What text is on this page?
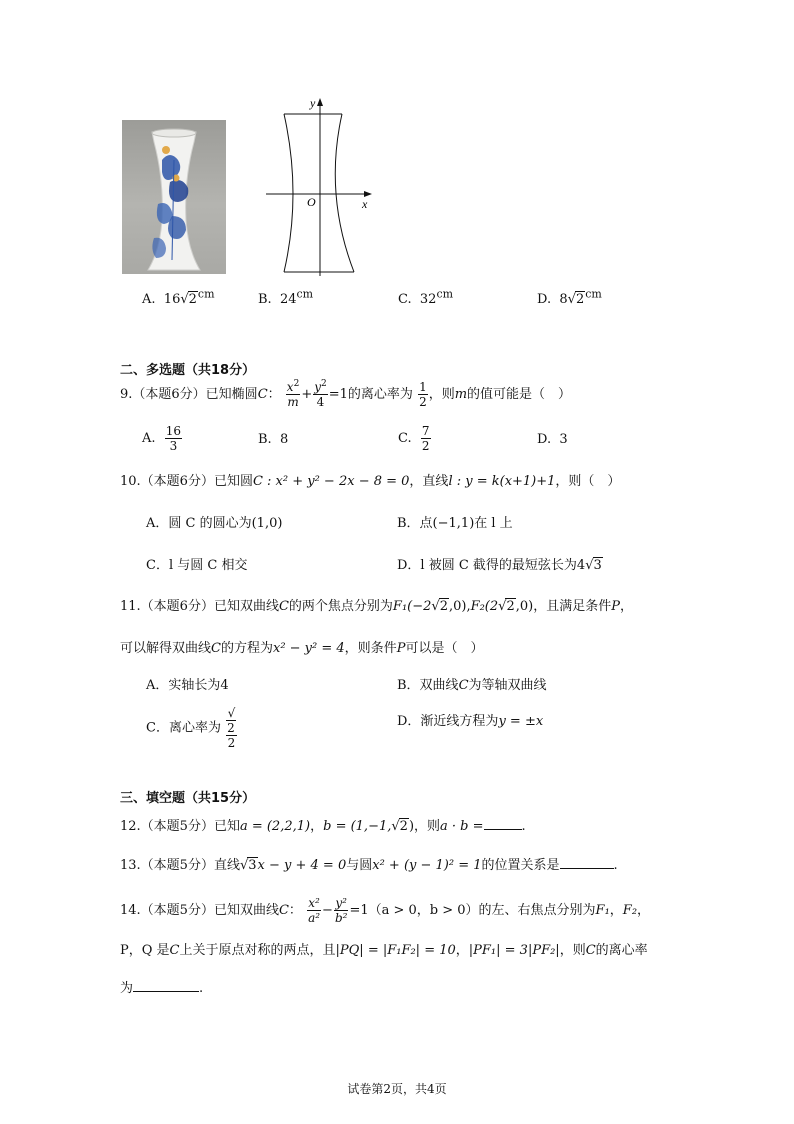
O
y
x
A. $16√2^{cm}$	B. $24^{cm}$	C. $32^{cm}$	D. $8√2^{cm}$
二、多选题（共18分）
9.（本题6分）已知椭圆C： $\frac{x^2}{m} + \frac{y^2}{4} =1$的离心率为 $\frac{1}{2}$ ，则m的值可能是（　）
A. $\frac{16}{3}$	B. 8	C. $\frac{7}{2}$	D. 3
10.（本题6分）已知圆C : x² + y² − 2x − 8 = 0，直线l : y = k(x+1)+1，则（　）
A．圆 C 的圆心为(1,0)	B．点(−1,1)在 l 上
C．l 与圆 C 相交	D．l 被圆 C 截得的最短弦长为4√3
11.（本题6分）已知双曲线C的两个焦点分别为F₁(−2√2,0),F₂(2√2,0)，且满足条件P，
可以解得双曲线C的方程为x² − y² = 4，则条件P可以是（　）
A．实轴长为4	B．双曲线C为等轴双曲线
C．离心率为 √
2
2	D．渐近线方程为y = ±x
三、填空题（共15分）
12.（本题5分）已知a = (2,2,1)，b = (1,−1,√2)，则a · b =	.
13.（本题5分）直线√3x − y + 4 = 0与圆x² + (y − 1)² = 1的位置关系是	.
14.（本题5分）已知双曲线C： $\frac{\text{x²}}{\text{a²}} - \frac{\text{y²}}{\text{b²}} =1(a > 0$，b > 0）的左、右焦点分别为F₁，F₂，
P，Q 是C上关于原点对称的两点，且|PQ| = |F₁F₂| = 10，|PF₁| = 3|PF₂|，则C的离心率
为	.
试卷第2页，共4页
